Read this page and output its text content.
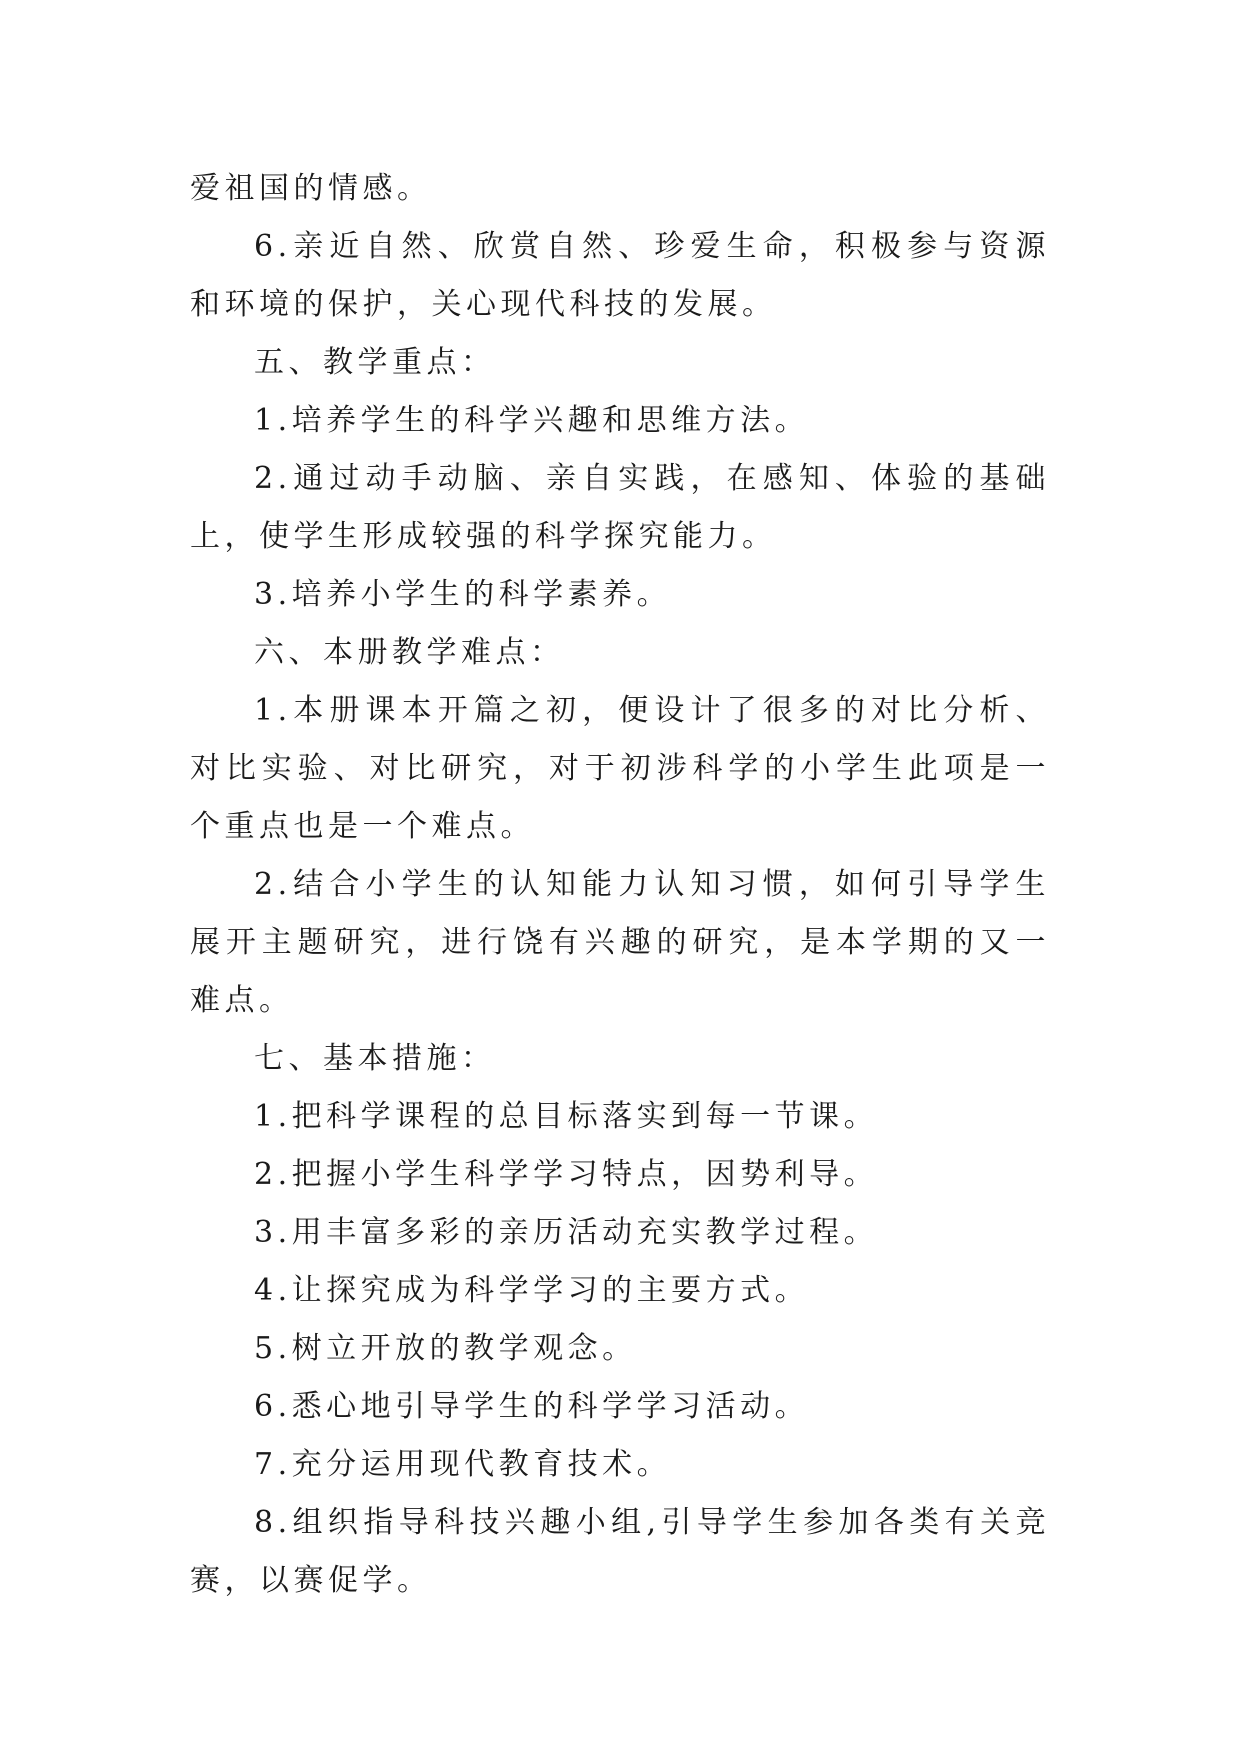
爱祖国的情感。

6.亲近自然、欣赏自然、珍爱生命，积极参与资源和环境的保护，关心现代科技的发展。

五、教学重点：

1.培养学生的科学兴趣和思维方法。

2.通过动手动脑、亲自实践，在感知、体验的基础上，使学生形成较强的科学探究能力。

3.培养小学生的科学素养。

六、本册教学难点：

1.本册课本开篇之初，便设计了很多的对比分析、对比实验、对比研究，对于初涉科学的小学生此项是一个重点也是一个难点。

2.结合小学生的认知能力认知习惯，如何引导学生展开主题研究，进行饶有兴趣的研究，是本学期的又一难点。

七、基本措施：

1.把科学课程的总目标落实到每一节课。

2.把握小学生科学学习特点，因势利导。

3.用丰富多彩的亲历活动充实教学过程。

4.让探究成为科学学习的主要方式。

5.树立开放的教学观念。

6.悉心地引导学生的科学学习活动。

7.充分运用现代教育技术。

8.组织指导科技兴趣小组,引导学生参加各类有关竞赛，以赛促学。
